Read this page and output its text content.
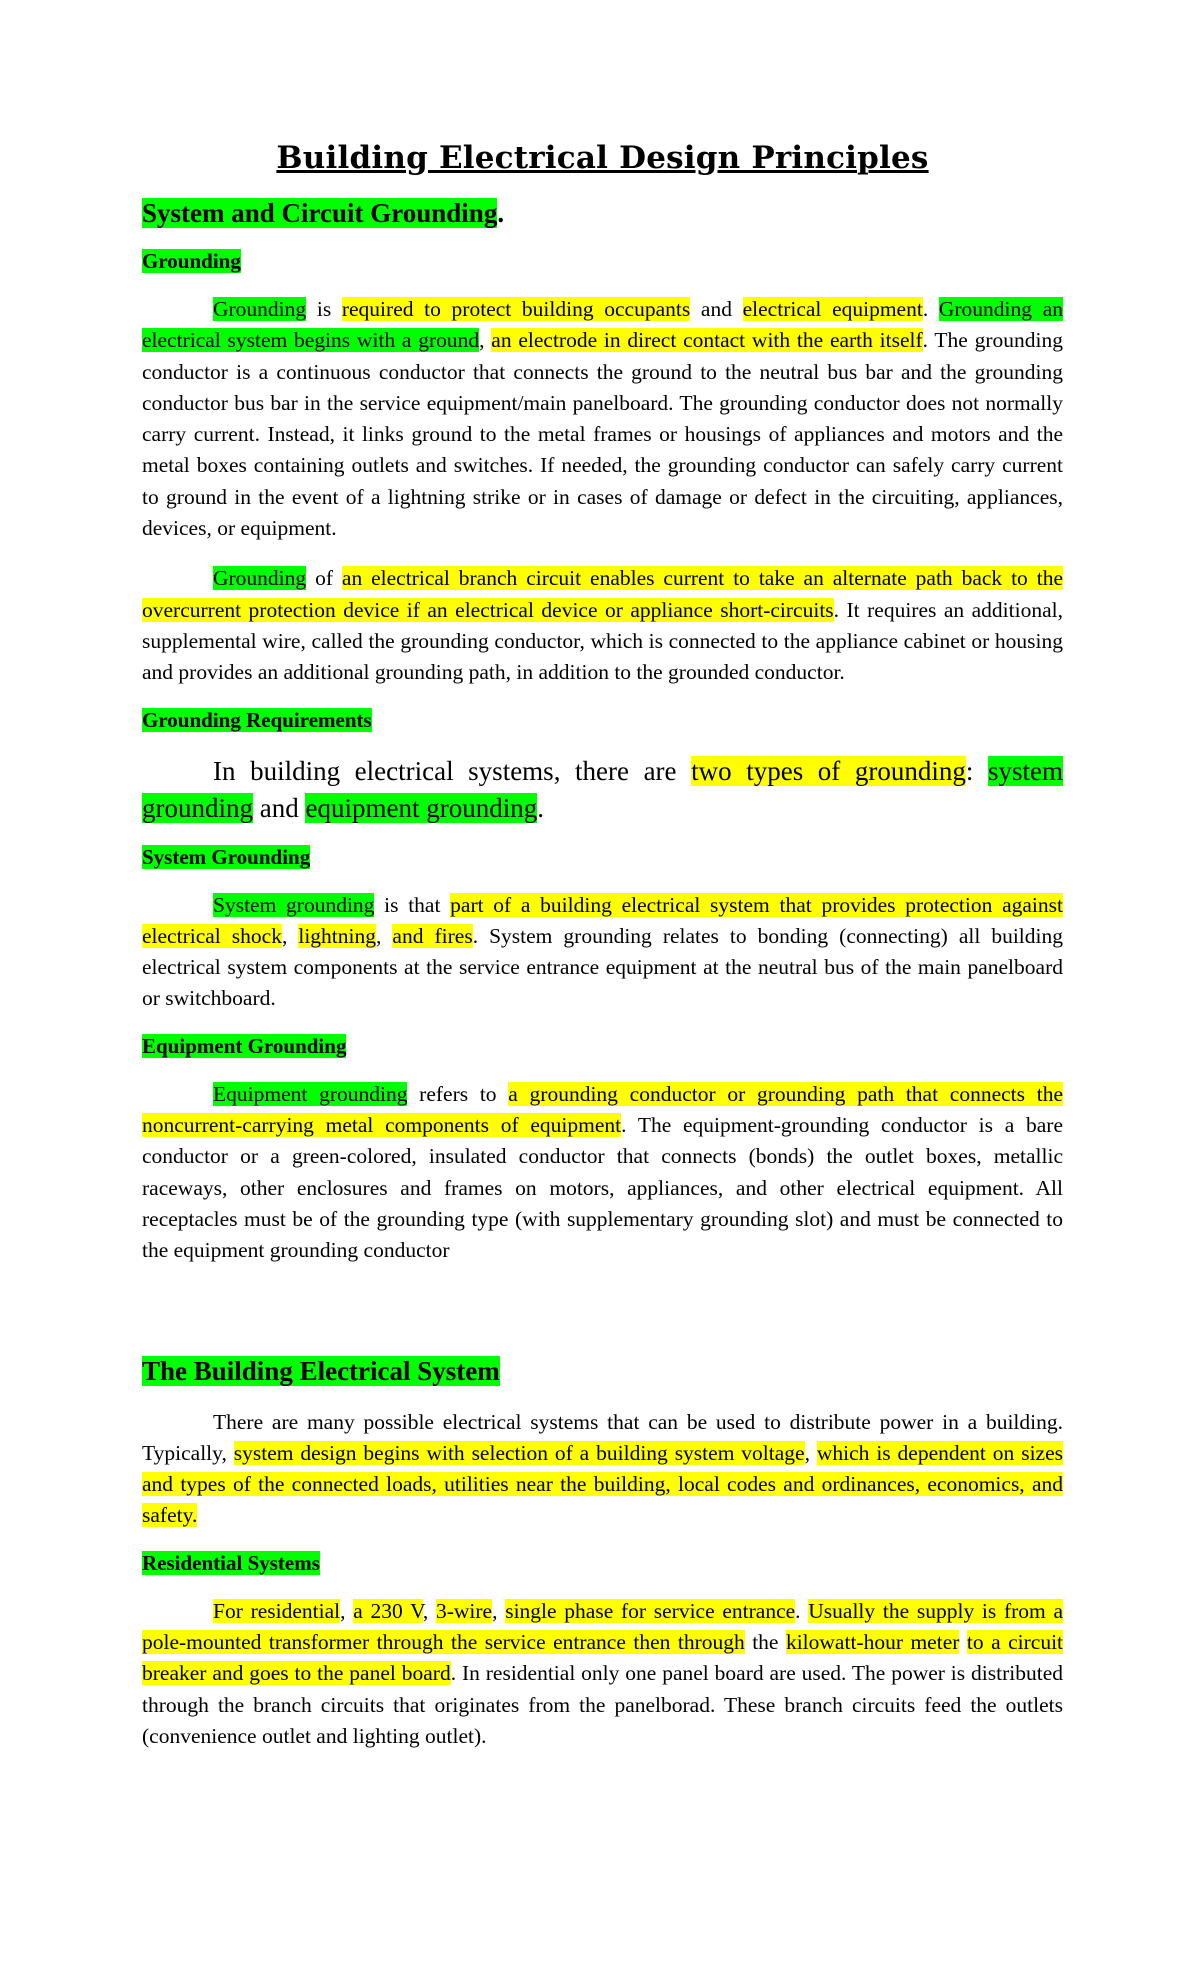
Building Electrical Design Principles
System and Circuit Grounding.
Grounding

Grounding is required to protect building occupants and electrical equipment. Grounding an electrical system begins with a ground, an electrode in direct contact with the earth itself. The grounding conductor is a continuous conductor that connects the ground to the neutral bus bar and the grounding conductor bus bar in the service equipment/main panelboard. The grounding conductor does not normally carry current. Instead, it links ground to the metal frames or housings of appliances and motors and the metal boxes containing outlets and switches. If needed, the grounding conductor can safely carry current to ground in the event of a lightning strike or in cases of damage or defect in the circuiting, appliances, devices, or equipment.

Grounding of an electrical branch circuit enables current to take an alternate path back to the overcurrent protection device if an electrical device or appliance short-circuits. It requires an additional, supplemental wire, called the grounding conductor, which is connected to the appliance cabinet or housing and provides an additional grounding path, in addition to the grounded conductor.

Grounding Requirements

In building electrical systems, there are two types of grounding: system grounding and equipment grounding.

System Grounding

System grounding is that part of a building electrical system that provides protection against electrical shock, lightning, and fires. System grounding relates to bonding (connecting) all building electrical system components at the service entrance equipment at the neutral bus of the main panelboard or switchboard.

Equipment Grounding

Equipment grounding refers to a grounding conductor or grounding path that connects the noncurrent-carrying metal components of equipment. The equipment-grounding conductor is a bare conductor or a green-colored, insulated conductor that connects (bonds) the outlet boxes, metallic raceways, other enclosures and frames on motors, appliances, and other electrical equipment. All receptacles must be of the grounding type (with supplementary grounding slot) and must be connected to the equipment grounding conductor

The Building Electrical System

There are many possible electrical systems that can be used to distribute power in a building. Typically, system design begins with selection of a building system voltage, which is dependent on sizes and types of the connected loads, utilities near the building, local codes and ordinances, economics, and safety.

Residential Systems

For residential, a 230 V, 3-wire, single phase for service entrance. Usually the supply is from a pole-mounted transformer through the service entrance then through the kilowatt-hour meter to a circuit breaker and goes to the panel board. In residential only one panel board are used. The power is distributed through the branch circuits that originates from the panelborad. These branch circuits feed the outlets (convenience outlet and lighting outlet).
